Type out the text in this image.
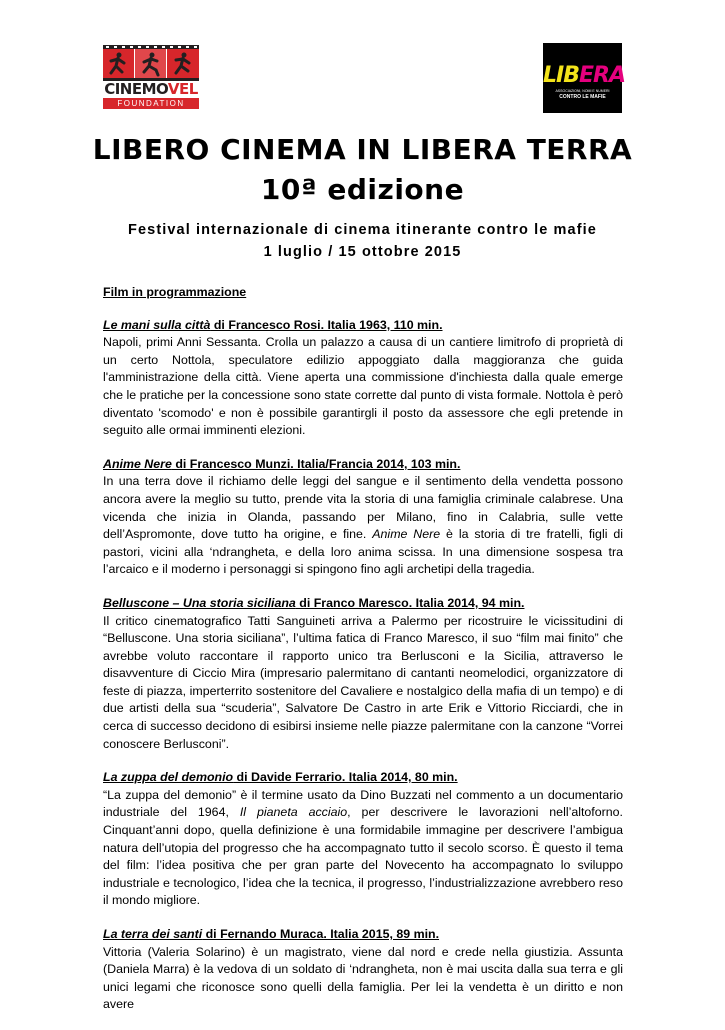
CINEMOVEL
FOUNDATION
LIBERA
ASSOCIAZIONI, NOMI E NUMERI
CONTRO LE MAFIE
LIBERO CINEMA IN LIBERA TERRA
10ª edizione
Festival internazionale di cinema itinerante contro le mafie
1 luglio / 15 ottobre 2015

Film in programmazione

Le mani sulla città di Francesco Rosi. Italia 1963, 110 min.

Napoli, primi Anni Sessanta. Crolla un palazzo a causa di un cantiere limitrofo di proprietà di un certo Nottola, speculatore edilizio appoggiato dalla maggioranza che guida l'amministrazione della città. Viene aperta una commissione d'inchiesta dalla quale emerge che le pratiche per la concessione sono state corrette dal punto di vista formale. Nottola è però diventato 'scomodo' e non è possibile garantirgli il posto da assessore che egli pretende in seguito alle ormai imminenti elezioni.

Anime Nere di Francesco Munzi. Italia/Francia 2014, 103 min.

In una terra dove il richiamo delle leggi del sangue e il sentimento della vendetta possono ancora avere la meglio su tutto, prende vita la storia di una famiglia criminale calabrese. Una vicenda che inizia in Olanda, passando per Milano, fino in Calabria, sulle vette dell’Aspromonte, dove tutto ha origine, e fine. Anime Nere è la storia di tre fratelli, figli di pastori, vicini alla ‘ndrangheta, e della loro anima scissa. In una dimensione sospesa tra l’arcaico e il moderno i personaggi si spingono fino agli archetipi della tragedia.

Belluscone – Una storia siciliana di Franco Maresco. Italia 2014, 94 min.

Il critico cinematografico Tatti Sanguineti arriva a Palermo per ricostruire le vicissitudini di “Belluscone. Una storia siciliana”, l’ultima fatica di Franco Maresco, il suo “film mai finito” che avrebbe voluto raccontare il rapporto unico tra Berlusconi e la Sicilia, attraverso le disavventure di Ciccio Mira (impresario palermitano di cantanti neomelodici, organizzatore di feste di piazza, imperterrito sostenitore del Cavaliere e nostalgico della mafia di un tempo) e di due artisti della sua “scuderia”, Salvatore De Castro in arte Erik e Vittorio Ricciardi, che in cerca di successo decidono di esibirsi insieme nelle piazze palermitane con la canzone “Vorrei conoscere Berlusconi”.

La zuppa del demonio di Davide Ferrario. Italia 2014, 80 min.

“La zuppa del demonio” è il termine usato da Dino Buzzati nel commento a un documentario industriale del 1964, Il pianeta acciaio, per descrivere le lavorazioni nell’altoforno. Cinquant’anni dopo, quella definizione è una formidabile immagine per descrivere l’ambigua natura dell’utopia del progresso che ha accompagnato tutto il secolo scorso. È questo il tema del film: l’idea positiva che per gran parte del Novecento ha accompagnato lo sviluppo industriale e tecnologico, l’idea che la tecnica, il progresso, l’industrializzazione avrebbero reso il mondo migliore.

La terra dei santi di Fernando Muraca. Italia 2015, 89 min.

Vittoria (Valeria Solarino) è un magistrato, viene dal nord e crede nella giustizia. Assunta (Daniela Marra) è la vedova di un soldato di ‘ndrangheta, non è mai uscita dalla sua terra e gli unici legami che riconosce sono quelli della famiglia. Per lei la vendetta è un diritto e non avere
